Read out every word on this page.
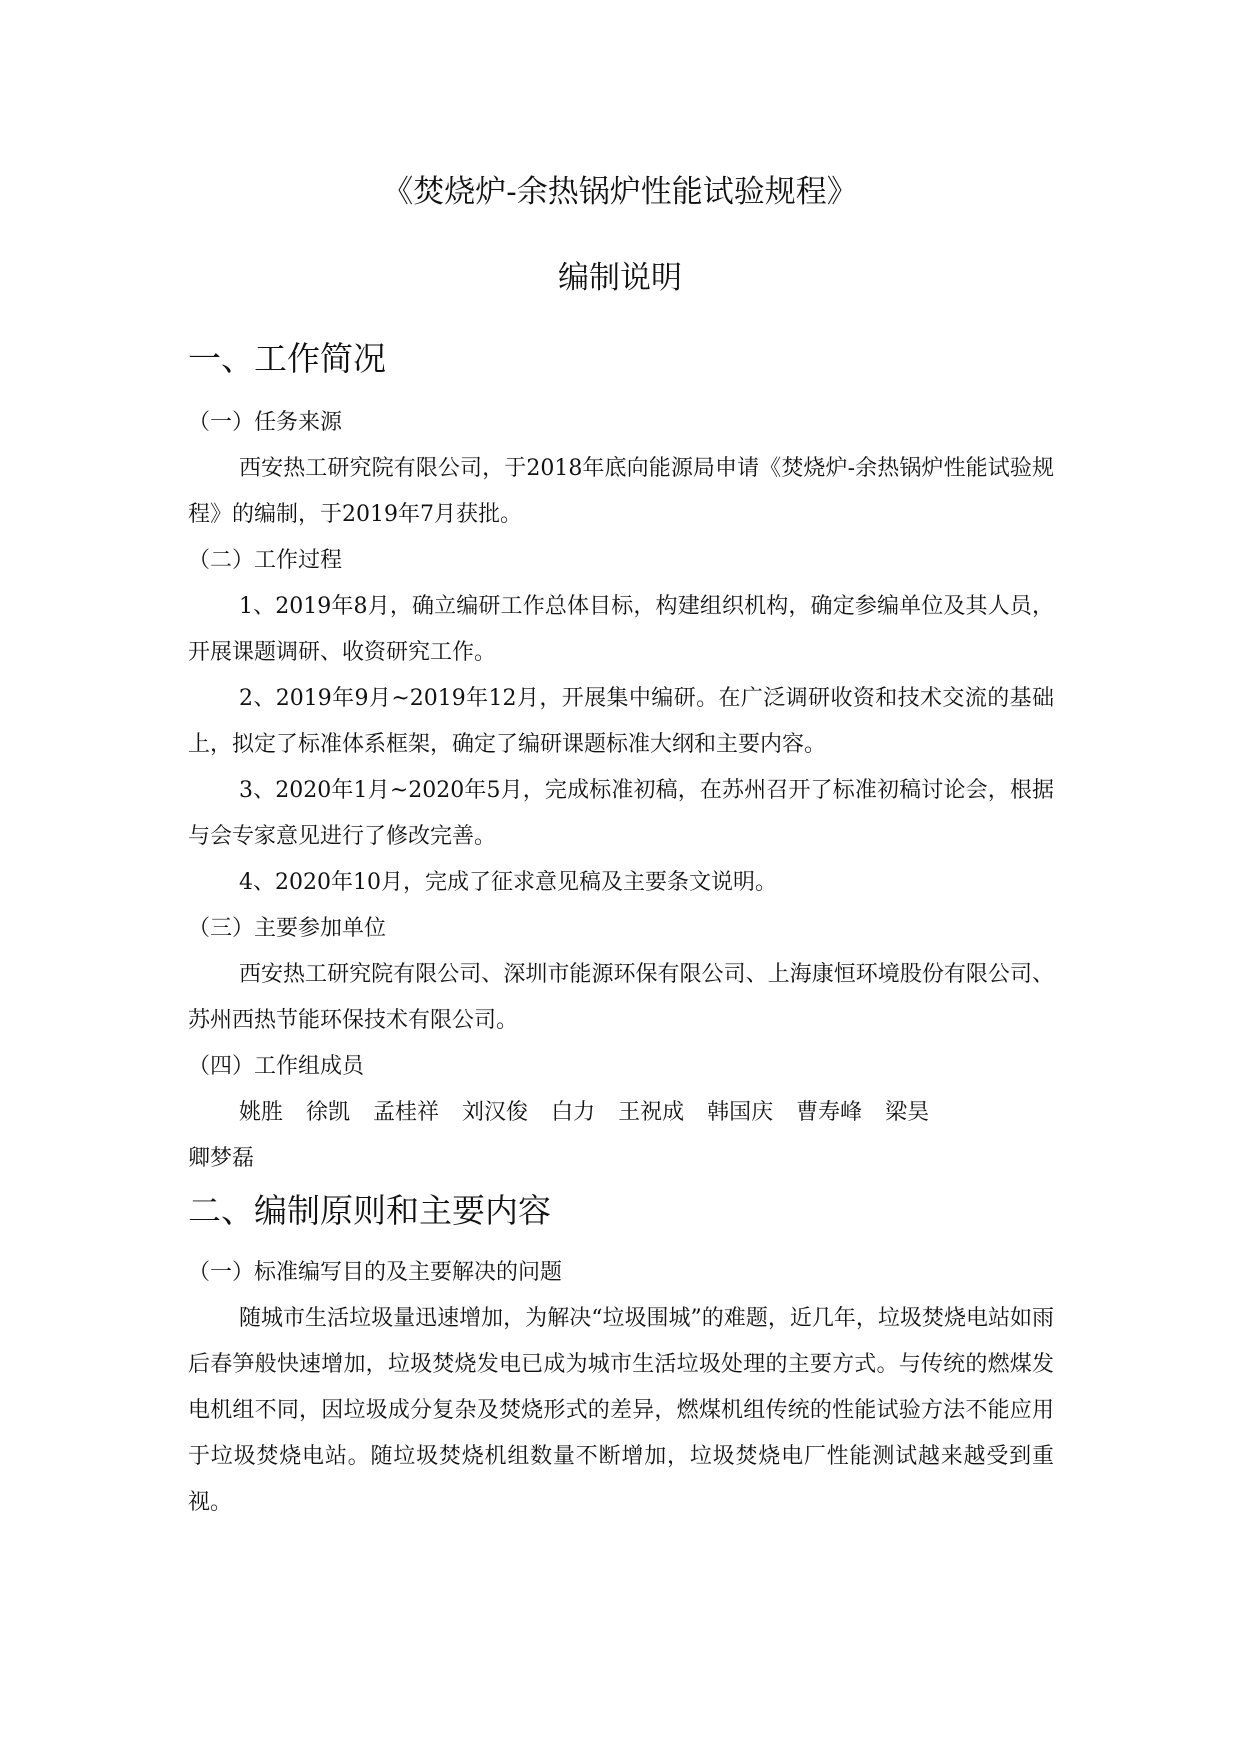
《焚烧炉-余热锅炉性能试验规程》
编制说明
一、工作简况
（一）任务来源

西安热工研究院有限公司，于2018年底向能源局申请《焚烧炉-余热锅炉性能试验规程》的编制，于2019年7月获批。

（二）工作过程

1、2019年8月，确立编研工作总体目标，构建组织机构，确定参编单位及其人员，开展课题调研、收资研究工作。

2、2019年9月~2019年12月，开展集中编研。在广泛调研收资和技术交流的基础上，拟定了标准体系框架，确定了编研课题标准大纲和主要内容。

3、2020年1月~2020年5月，完成标准初稿，在苏州召开了标准初稿讨论会，根据与会专家意见进行了修改完善。

4、2020年10月，完成了征求意见稿及主要条文说明。

（三）主要参加单位

西安热工研究院有限公司、深圳市能源环保有限公司、上海康恒环境股份有限公司、苏州西热节能环保技术有限公司。

（四）工作组成员
姚胜 徐凯 孟桂祥 刘汉俊 白力 王祝成 韩国庆 曹寿峰 梁昊
卿梦磊
二、编制原则和主要内容
（一）标准编写目的及主要解决的问题

随城市生活垃圾量迅速增加，为解决“垃圾围城”的难题，近几年，垃圾焚烧电站如雨后春笋般快速增加，垃圾焚烧发电已成为城市生活垃圾处理的主要方式。与传统的燃煤发电机组不同，因垃圾成分复杂及焚烧形式的差异，燃煤机组传统的性能试验方法不能应用于垃圾焚烧电站。随垃圾焚烧机组数量不断增加，垃圾焚烧电厂性能测试越来越受到重视。
